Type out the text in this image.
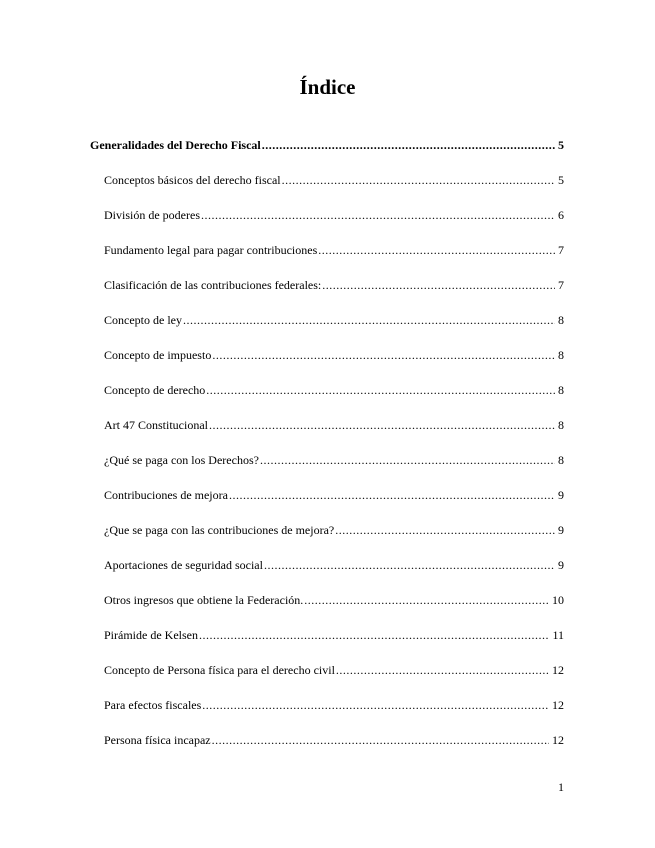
Índice
Generalidades del Derecho Fiscal .....	5
Conceptos básicos del derecho fiscal .....	5
División de poderes .....	6
Fundamento legal para pagar contribuciones .....	7
Clasificación de las contribuciones federales: .....	7
Concepto de ley .....	8
Concepto de impuesto .....	8
Concepto de derecho .....	8
Art 47 Constitucional .....	8
¿Qué se paga con los Derechos? .....	8
Contribuciones de mejora .....	9
¿Que se paga con las contribuciones de mejora? .....	9
Aportaciones de seguridad social .....	9
Otros ingresos que obtiene la Federación. .....	10
Pirámide de Kelsen .....	11
Concepto de Persona física para el derecho civil .....	12
Para efectos fiscales .....	12
Persona física incapaz .....	12
1
